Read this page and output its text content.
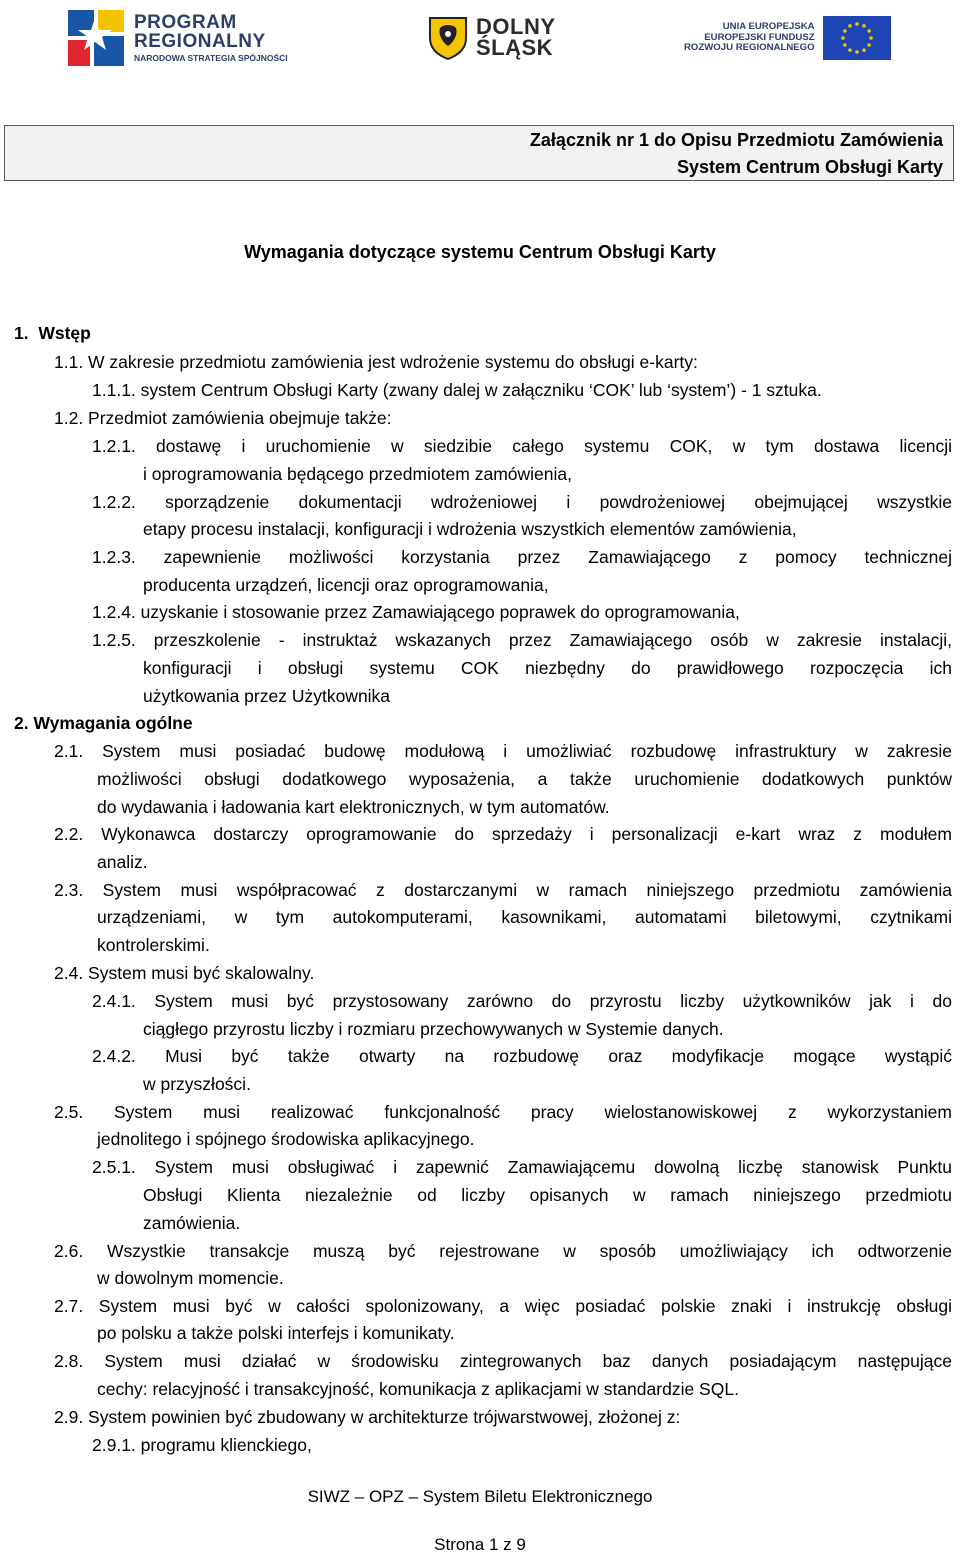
PROGRAM
REGIONALNY
NARODOWA STRATEGIA SPÓJNOŚCI
DOLNY
ŚLĄSK
UNIA EUROPEJSKA
EUROPEJSKI FUNDUSZ
ROZWOJU REGIONALNEGO
Załącznik nr 1 do Opisu Przedmiotu Zamówienia
System Centrum Obsługi Karty
Wymagania dotyczące systemu Centrum Obsługi Karty
1.  Wstęp
1.1. W zakresie przedmiotu zamówienia jest wdrożenie systemu do obsługi e-karty:
1.1.1. system Centrum Obsługi Karty (zwany dalej w załączniku ‘COK’ lub ‘system’) - 1 sztuka.
1.2. Przedmiot zamówienia obejmuje także:
1.2.1. dostawę i uruchomienie w siedzibie całego systemu COK, w tym dostawa licencji
i oprogramowania będącego przedmiotem zamówienia,
1.2.2. sporządzenie dokumentacji wdrożeniowej i powdrożeniowej obejmującej wszystkie
etapy procesu instalacji, konfiguracji i wdrożenia wszystkich elementów zamówienia,
1.2.3. zapewnienie możliwości korzystania przez Zamawiającego z pomocy technicznej
producenta urządzeń, licencji oraz oprogramowania,
1.2.4. uzyskanie i stosowanie przez Zamawiającego poprawek do oprogramowania,
1.2.5. przeszkolenie - instruktaż wskazanych przez Zamawiającego osób w zakresie instalacji,
konfiguracji i obsługi systemu COK niezbędny do prawidłowego rozpoczęcia ich
użytkowania przez Użytkownika
2. Wymagania ogólne
2.1. System musi posiadać budowę modułową i umożliwiać rozbudowę infrastruktury w zakresie
możliwości obsługi dodatkowego wyposażenia, a także uruchomienie dodatkowych punktów
do wydawania i ładowania kart elektronicznych, w tym automatów.
2.2. Wykonawca dostarczy oprogramowanie do sprzedaży i personalizacji e-kart wraz z modułem
analiz.
2.3. System musi współpracować z dostarczanymi w ramach niniejszego przedmiotu zamówienia
urządzeniami, w tym autokomputerami, kasownikami, automatami biletowymi, czytnikami
kontrolerskimi.
2.4. System musi być skalowalny.
2.4.1. System musi być przystosowany zarówno do przyrostu liczby użytkowników jak i do
ciągłego przyrostu liczby i rozmiaru przechowywanych w Systemie danych.
2.4.2. Musi być także otwarty na rozbudowę oraz modyfikacje mogące wystąpić
w przyszłości.
2.5. System musi realizować funkcjonalność pracy wielostanowiskowej z wykorzystaniem
jednolitego i spójnego środowiska aplikacyjnego.
2.5.1. System musi obsługiwać i zapewnić Zamawiającemu dowolną liczbę stanowisk Punktu
Obsługi Klienta niezależnie od liczby opisanych w ramach niniejszego przedmiotu
zamówienia.
2.6. Wszystkie transakcje muszą być rejestrowane w sposób umożliwiający ich odtworzenie
w dowolnym momencie.
2.7. System musi być w całości spolonizowany, a więc posiadać polskie znaki i instrukcję obsługi
po polsku a także polski interfejs i komunikaty.
2.8. System musi działać w środowisku zintegrowanych baz danych posiadającym następujące
cechy: relacyjność i transakcyjność, komunikacja z aplikacjami w standardzie SQL.
2.9. System powinien być zbudowany w architekturze trójwarstwowej, złożonej z:
2.9.1. programu klienckiego,
SIWZ – OPZ – System Biletu Elektronicznego
Strona 1 z 9
